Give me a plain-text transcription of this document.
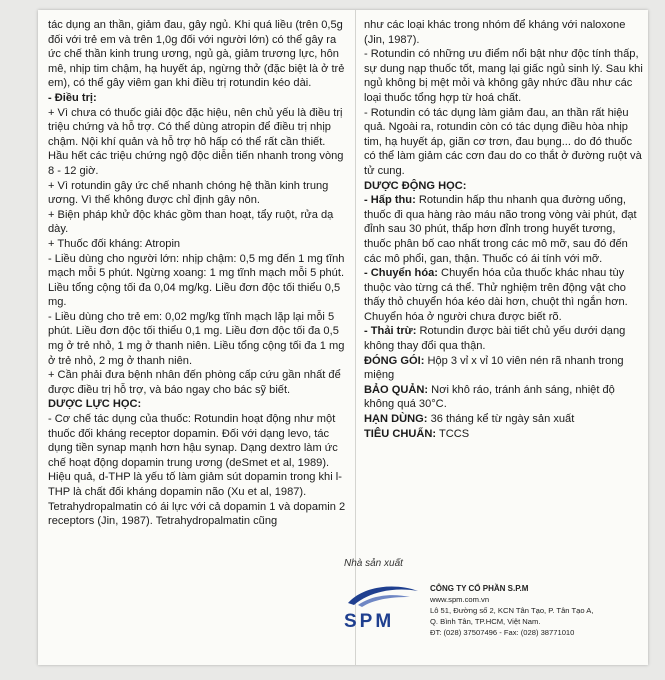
tác dụng an thần, giảm đau, gây ngủ. Khi quá liều (trên 0,5g đối với trẻ em và trên 1,0g đối với người lớn) có thể gây ra ức chế thần kinh trung ương, ngủ gà, giảm trương lực, hôn mê, nhịp tim chậm, hạ huyết áp, ngừng thở (đặc biệt là ở trẻ em), có thể gây viêm gan khi điều trị rotundin kéo dài.

- Điều trị:

+ Vì chưa có thuốc giải độc đặc hiệu, nên chủ yếu là điều trị triệu chứng và hỗ trợ. Có thể dùng atropin để điều trị nhịp chậm. Nội khí quản và hỗ trợ hô hấp có thể rất cần thiết. Hầu hết các triệu chứng ngộ độc diễn tiến nhanh trong vòng 8 - 12 giờ.

+ Vì rotundin gây ức chế nhanh chóng hệ thần kinh trung ương. Vì thế không được chỉ định gây nôn.

+ Biện pháp khử độc khác gồm than hoạt, tẩy ruột, rửa dạ dày.

+ Thuốc đối kháng: Atropin

- Liều dùng cho người lớn: nhịp chậm: 0,5 mg đến 1 mg tĩnh mạch mỗi 5 phút. Ngừng xoang: 1 mg tĩnh mạch mỗi 5 phút. Liều tổng cộng tối đa 0,04 mg/kg. Liều đơn độc tối thiểu 0,5 mg.

- Liều dùng cho trẻ em: 0,02 mg/kg tĩnh mạch lặp lại mỗi 5 phút. Liều đơn độc tối thiểu 0,1 mg. Liều đơn độc tối đa 0,5 mg ở trẻ nhỏ, 1 mg ở thanh niên. Liều tổng cộng tối đa 1 mg ở trẻ nhỏ, 2 mg ở thanh niên.

+ Cần phải đưa bệnh nhân đến phòng cấp cứu gần nhất để được điều trị hỗ trợ, và báo ngay cho bác sỹ biết.

DƯỢC LỰC HỌC:

- Cơ chế tác dụng của thuốc: Rotundin hoạt động như một thuốc đối kháng receptor dopamin. Đối với dạng levo, tác dụng tiền synap mạnh hơn hậu synap. Dạng dextro làm ức chế hoạt động dopamin trung ương (deSmet et al, 1989). Hiệu quả, d-THP là yếu tố làm giảm sút dopamin trong khi l-THP là chất đối kháng dopamin não (Xu et al, 1987). Tetrahydropalmatin có ái lực với cả dopamin 1 và dopamin 2 receptors (Jin, 1987). Tetrahydropalmatin cũng

như các loại khác trong nhóm để kháng với naloxone (Jin, 1987).

- Rotundin có những ưu điểm nổi bật như độc tính thấp, sự dung nạp thuốc tốt, mang lại giấc ngủ sinh lý. Sau khi ngủ không bị mệt mỏi và không gây nhức đầu như các loại thuốc tổng hợp từ hoá chất.

- Rotundin có tác dụng làm giảm đau, an thần rất hiệu quả. Ngoài ra, rotundin còn có tác dụng điều hòa nhịp tim, hạ huyết áp, giãn cơ trơn, đau bụng... do đó thuốc có thể làm giảm các cơn đau do co thắt ở đường ruột và tử cung.

DƯỢC ĐỘNG HỌC:

- Hấp thu: Rotundin hấp thu nhanh qua đường uống, thuốc đi qua hàng rào máu não trong vòng vài phút, đạt đỉnh sau 30 phút, thấp hơn đỉnh trong huyết tương, thuốc phân bố cao nhất trong các mô mỡ, sau đó đến các mô phổi, gan, thận. Thuốc có ái tính với mỡ.

- Chuyển hóa: Chuyển hóa của thuốc khác nhau tùy thuộc vào từng cá thể. Thử nghiệm trên động vật cho thấy thỏ chuyển hóa kéo dài hơn, chuột thì ngắn hơn. Chuyển hóa ở người chưa được biết rõ.

- Thải trừ: Rotundin được bài tiết chủ yếu dưới dạng không thay đổi qua thận.

ĐÓNG GÓI: Hộp 3 vỉ x vỉ 10 viên nén rã nhanh trong miệng

BẢO QUẢN: Nơi khô ráo, tránh ánh sáng, nhiệt độ không quá 30°C.

HẠN DÙNG: 36 tháng kể từ ngày sản xuất

TIÊU CHUẨN: TCCS

Nhà sản xuất
SPM
CÔNG TY CỔ PHẦN S.P.M
www.spm.com.vn
Lô 51, Đường số 2, KCN Tân Tạo, P. Tân Tạo A,
Q. Bình Tân, TP.HCM, Việt Nam.
ĐT: (028) 37507496 - Fax: (028) 38771010
